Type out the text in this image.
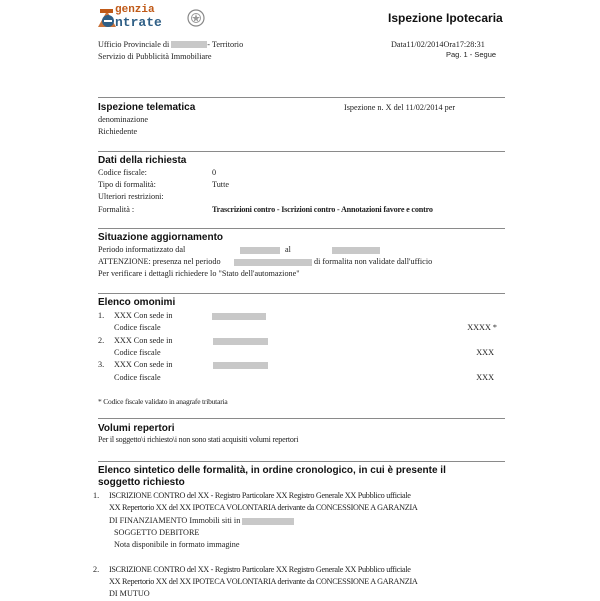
genzia
ntrate	Ispezione Ipotecaria
Ufficio Provinciale di	- Territorio
Servizio di Pubblicità Immobiliare
Data11/02/2014Ora17:28:31
Pag. 1 - Segue
Ispezione telematica	Ispezione n. X del 11/02/2014 per
denominazione
Richiedente
Dati della richiesta
Codice fiscale:	0
Tipo di formalità:	Tutte
Ulteriori restrizioni:
Formalità :	Trascrizioni contro - Iscrizioni contro - Annotazioni favore e contro
Situazione aggiornamento
Periodo informatizzato dal	al
ATTENZIONE: presenza nel periodo	di formalita non validate dall'ufficio
Per verificare i dettagli richiedere lo "Stato dell'automazione"
Elenco omonimi
1. XXX Con sede in
Codice fiscale	XXXX *
2. XXX Con sede in
Codice fiscale	XXX
3. XXX Con sede in
Codice fiscale	XXX
* Codice fiscale validato in anagrafe tributaria
Volumi repertori
Per il soggetto\i richiesto\i non sono stati acquisiti volumi repertori
Elenco sintetico delle formalità, in ordine cronologico, in cui è presente il
soggetto richiesto
1. ISCRIZIONE CONTRO del XX - Registro Particolare XX Registro Generale XX Pubblico ufficiale
XX Repertorio XX del XX IPOTECA VOLONTARIA derivante da CONCESSIONE A GARANZIA
DI FINANZIAMENTO Immobili siti in
SOGGETTO DEBITORE
Nota disponibile in formato immagine
2. ISCRIZIONE CONTRO del XX - Registro Particolare XX Registro Generale XX Pubblico ufficiale
XX Repertorio XX del XX IPOTECA VOLONTARIA derivante da CONCESSIONE A GARANZIA
DI MUTUO
